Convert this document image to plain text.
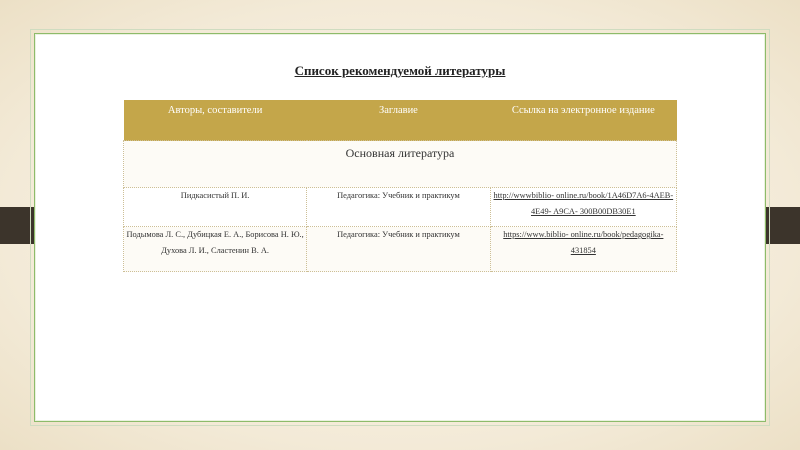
Список рекомендуемой литературы
Авторы, составители	Заглавие	Ссылка на электронное издание
Основная литература		
Пидкасистый П. И.	Педагогика: Учебник и практикум	http://wwwbiblio- online.ru/book/1A46D7A6-4AEB-4E49- A9CA- 300B00DB30E1
Подымова Л. С., Дубицкая Е. А., Борисова Н. Ю., Духова Л. И., Сластенин В. А.	Педагогика: Учебник и практикум	https://www.biblio- online.ru/book/pedagogika-431854
